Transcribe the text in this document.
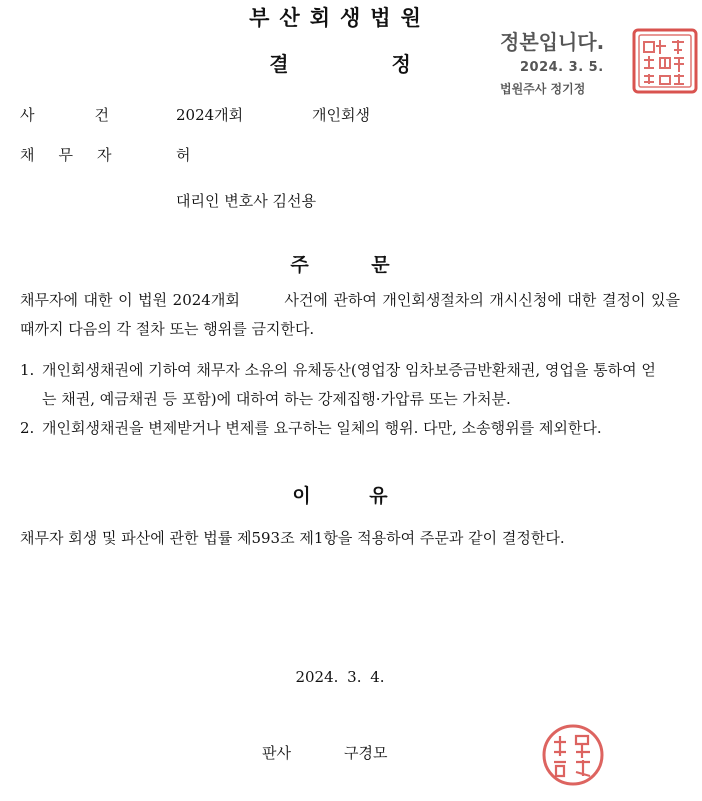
부산회생법원
결 정
정본입니다.
2024. 3. 5.
법원주사 정기정
사건 2024개회	개인회생
채무자	허
대리인 변호사 김선용
주 문
채무자에 대한 이 법원 2024개회        사건에 관하여 개인회생절차의 개시신청에 대한 결정이 있을 때까지 다음의 각 절차 또는 행위를 금지한다.
1. 개인회생채권에 기하여 채무자 소유의 유체동산(영업장 임차보증금반환채권, 영업을 통하여 얻는 채권, 예금채권 등 포함)에 대하여 하는 강제집행·가압류 또는 가처분.
2. 개인회생채권을 변제받거나 변제를 요구하는 일체의 행위. 다만, 소송행위를 제외한다.
이 유
채무자 회생 및 파산에 관한 법률 제593조 제1항을 적용하여 주문과 같이 결정한다.
2024. 3. 4.
판사	구경모
